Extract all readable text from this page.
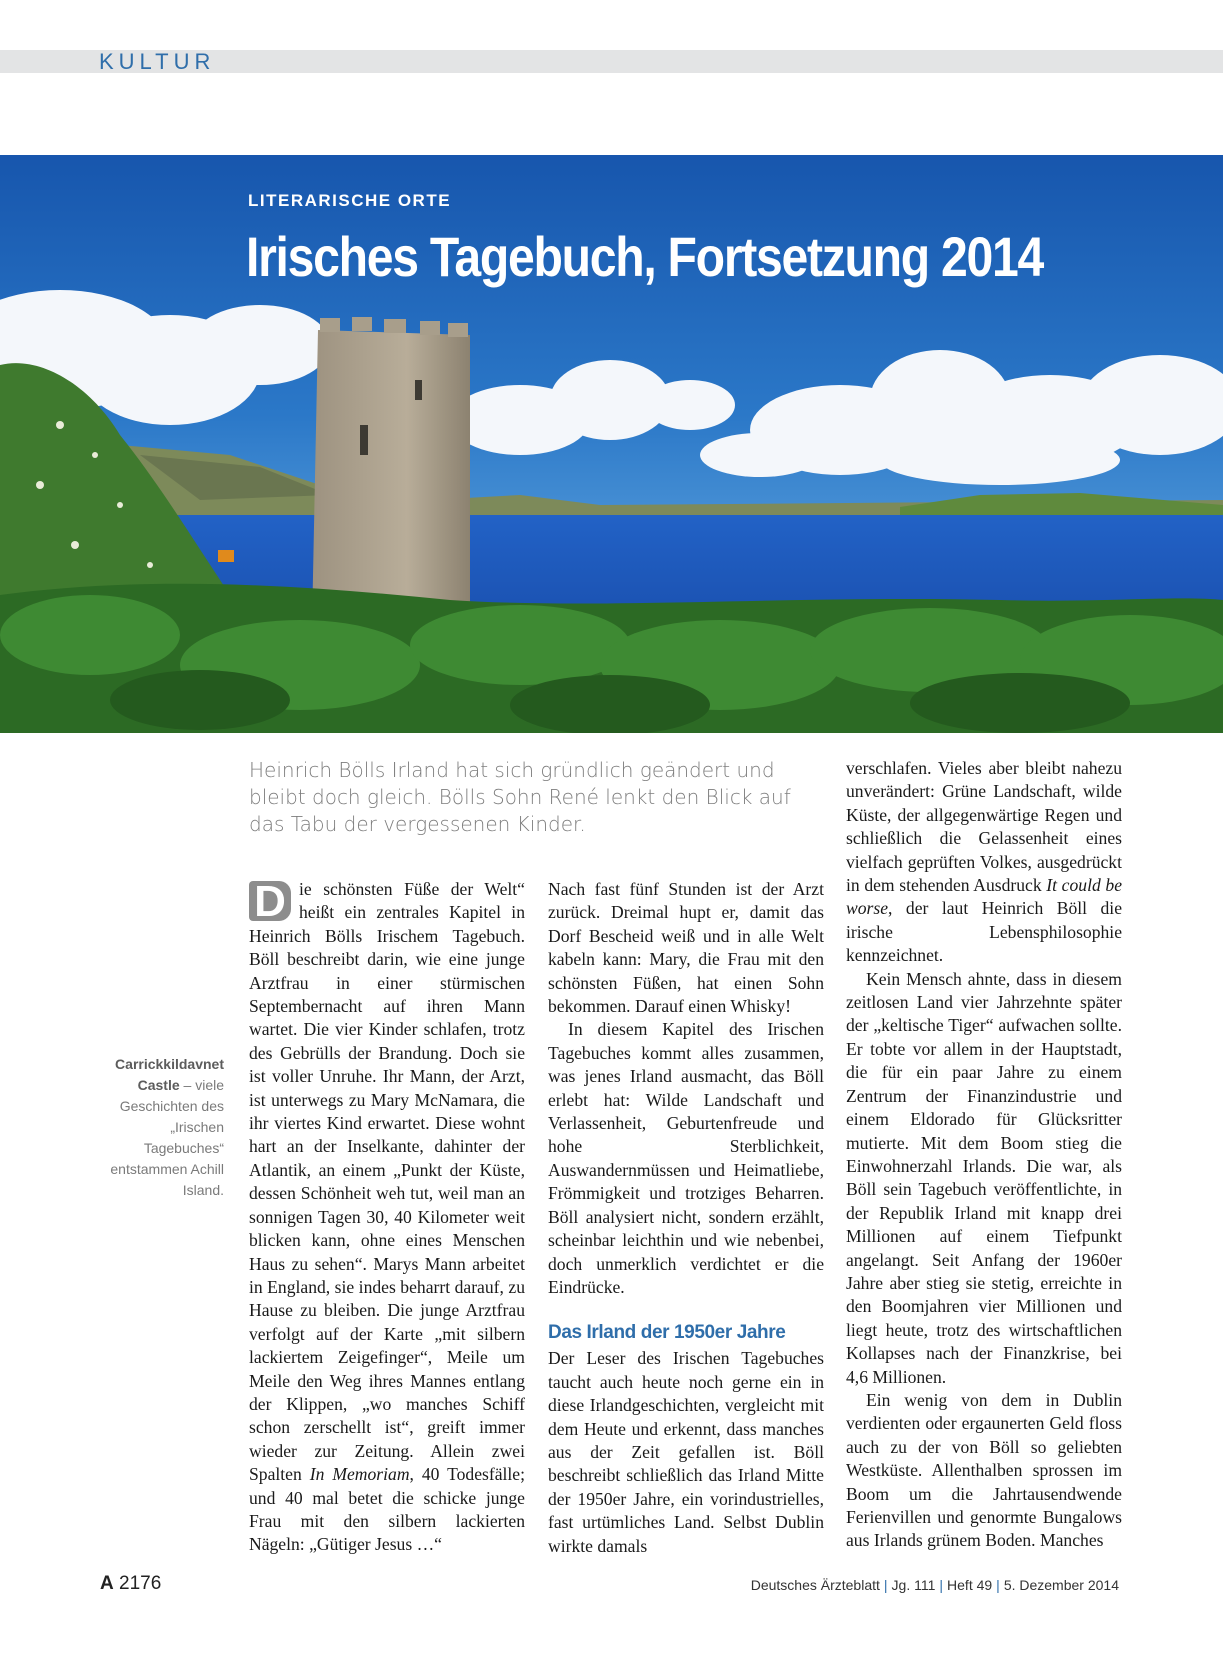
KULTUR
LITERARISCHE ORTE
Irisches Tagebuch, Fortsetzung 2014
Heinrich Bölls Irland hat sich gründlich geändert und bleibt doch gleich. Bölls Sohn René lenkt den Blick auf das Tabu der vergessenen Kinder.
Carrickkildavnet Castle – viele Geschichten des „Irischen Tagebuches“ entstammen Achill Island.

D ie schönsten Füße der Welt“ heißt ein zentrales Kapitel in Heinrich Bölls Irischem Tagebuch. Böll beschreibt darin, wie eine junge Arztfrau in einer stürmischen Septembernacht auf ihren Mann wartet. Die vier Kinder schlafen, trotz des Gebrülls der Brandung. Doch sie ist voller Unruhe. Ihr Mann, der Arzt, ist unterwegs zu Mary McNamara, die ihr viertes Kind erwartet. Diese wohnt hart an der Inselkante, dahinter der Atlantik, an einem „Punkt der Küste, dessen Schönheit weh tut, weil man an sonnigen Tagen 30, 40 Kilometer weit blicken kann, ohne eines Menschen Haus zu sehen“. Marys Mann arbeitet in England, sie indes beharrt darauf, zu Hause zu bleiben. Die junge Arztfrau verfolgt auf der Karte „mit silbern lackiertem Zeigefinger“, Meile um Meile den Weg ihres Mannes entlang der Klippen, „wo manches Schiff schon zerschellt ist“, greift immer wieder zur Zeitung. Allein zwei Spalten In Memoriam, 40 Todesfälle; und 40 mal betet die schicke junge Frau mit den silbern lackierten Nägeln: „Gütiger Jesus …“

Nach fast fünf Stunden ist der Arzt zurück. Dreimal hupt er, damit das Dorf Bescheid weiß und in alle Welt kabeln kann: Mary, die Frau mit den schönsten Füßen, hat einen Sohn bekommen. Darauf einen Whisky!

In diesem Kapitel des Irischen Tagebuches kommt alles zusammen, was jenes Irland ausmacht, das Böll erlebt hat: Wilde Landschaft und Verlassenheit, Geburtenfreude und hohe Sterblichkeit, Auswandernmüssen und Heimatliebe, Frömmigkeit und trotziges Beharren. Böll analysiert nicht, sondern erzählt, scheinbar leichthin und wie nebenbei, doch unmerklich verdichtet er die Eindrücke.

Das Irland der 1950er Jahre

Der Leser des Irischen Tagebuches taucht auch heute noch gerne ein in diese Irlandgeschichten, vergleicht mit dem Heute und erkennt, dass manches aus der Zeit gefallen ist. Böll beschreibt schließlich das Irland Mitte der 1950er Jahre, ein vorindustrielles, fast urtümliches Land. Selbst Dublin wirkte damals

verschlafen. Vieles aber bleibt nahezu unverändert: Grüne Landschaft, wilde Küste, der allgegenwärtige Regen und schließlich die Gelassenheit eines vielfach geprüften Volkes, ausgedrückt in dem stehenden Ausdruck It could be worse, der laut Heinrich Böll die irische Lebensphilosophie kennzeichnet.

Kein Mensch ahnte, dass in diesem zeitlosen Land vier Jahrzehnte später der „keltische Tiger“ aufwachen sollte. Er tobte vor allem in der Hauptstadt, die für ein paar Jahre zu einem Zentrum der Finanzindustrie und einem Eldorado für Glücksritter mutierte. Mit dem Boom stieg die Einwohnerzahl Irlands. Die war, als Böll sein Tagebuch veröffentlichte, in der Republik Irland mit knapp drei Millionen auf einem Tiefpunkt angelangt. Seit Anfang der 1960er Jahre aber stieg sie stetig, erreichte in den Boomjahren vier Millionen und liegt heute, trotz des wirtschaftlichen Kollapses nach der Finanzkrise, bei 4,6 Millionen.

Ein wenig von dem in Dublin verdienten oder ergaunerten Geld floss auch zu der von Böll so geliebten Westküste. Allenthalben sprossen im Boom um die Jahrtausendwende Ferienvillen und genormte Bungalows aus Irlands grünem Boden. Manches

A 2176	Deutsches Ärzteblatt | Jg. 111 | Heft 49 | 5. Dezember 2014
